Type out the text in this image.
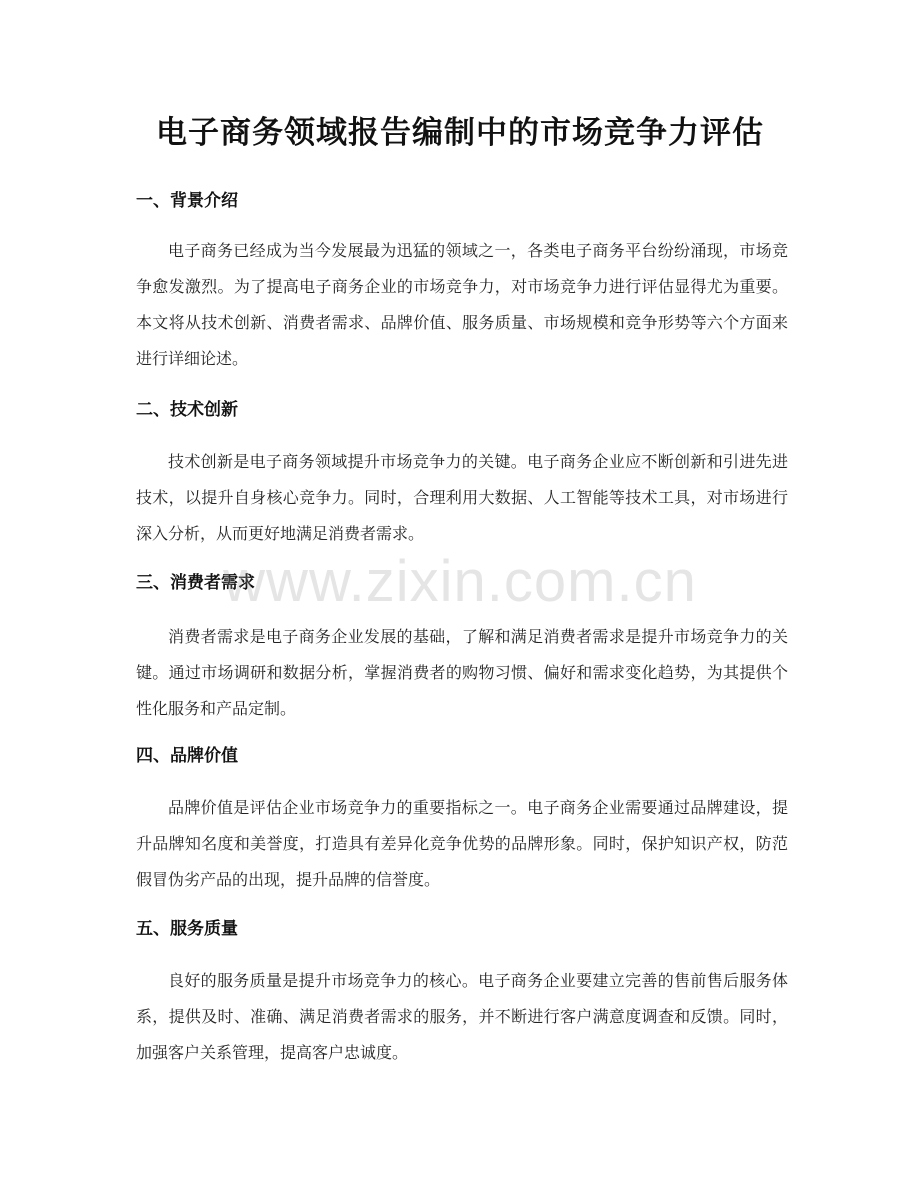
电子商务领域报告编制中的市场竞争力评估
一、背景介绍

电子商务已经成为当今发展最为迅猛的领域之一，各类电子商务平台纷纷涌现，市场竞争愈发激烈。为了提高电子商务企业的市场竞争力，对市场竞争力进行评估显得尤为重要。本文将从技术创新、消费者需求、品牌价值、服务质量、市场规模和竞争形势等六个方面来进行详细论述。

二、技术创新

技术创新是电子商务领域提升市场竞争力的关键。电子商务企业应不断创新和引进先进技术，以提升自身核心竞争力。同时，合理利用大数据、人工智能等技术工具，对市场进行深入分析，从而更好地满足消费者需求。

三、消费者需求

消费者需求是电子商务企业发展的基础，了解和满足消费者需求是提升市场竞争力的关键。通过市场调研和数据分析，掌握消费者的购物习惯、偏好和需求变化趋势，为其提供个性化服务和产品定制。

四、品牌价值

品牌价值是评估企业市场竞争力的重要指标之一。电子商务企业需要通过品牌建设，提升品牌知名度和美誉度，打造具有差异化竞争优势的品牌形象。同时，保护知识产权，防范假冒伪劣产品的出现，提升品牌的信誉度。

五、服务质量

良好的服务质量是提升市场竞争力的核心。电子商务企业要建立完善的售前售后服务体系，提供及时、准确、满足消费者需求的服务，并不断进行客户满意度调查和反馈。同时，加强客户关系管理，提高客户忠诚度。

www.zixin.com.cn
